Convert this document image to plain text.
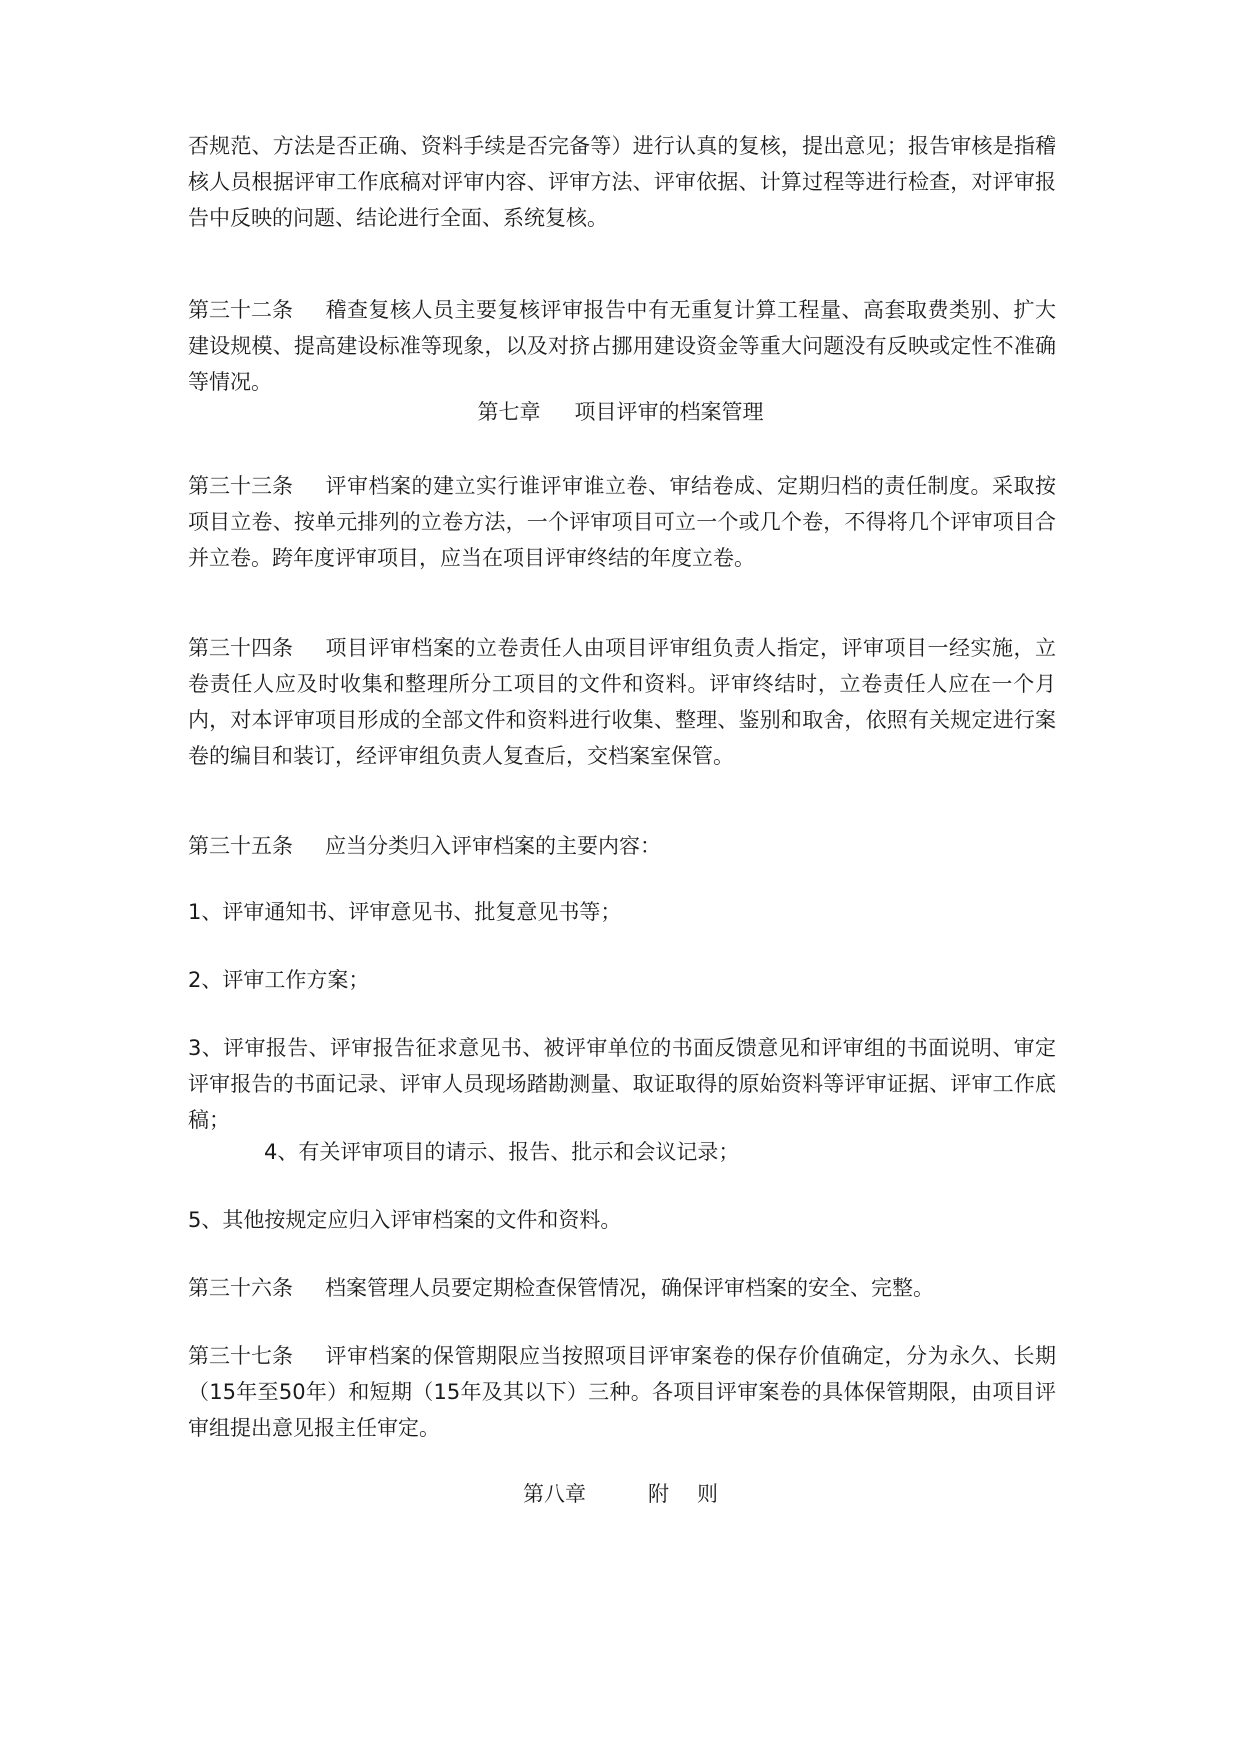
否规范、方法是否正确、资料手续是否完备等）进行认真的复核，提出意见；报告审核是指稽核人员根据评审工作底稿对评审内容、评审方法、评审依据、计算过程等进行检查，对评审报告中反映的问题、结论进行全面、系统复核。

第三十二条 稽查复核人员主要复核评审报告中有无重复计算工程量、高套取费类别、扩大建设规模、提高建设标准等现象，以及对挤占挪用建设资金等重大问题没有反映或定性不准确等情况。

第七章 项目评审的档案管理

第三十三条 评审档案的建立实行谁评审谁立卷、审结卷成、定期归档的责任制度。采取按项目立卷、按单元排列的立卷方法，一个评审项目可立一个或几个卷，不得将几个评审项目合并立卷。跨年度评审项目，应当在项目评审终结的年度立卷。

第三十四条 项目评审档案的立卷责任人由项目评审组负责人指定，评审项目一经实施，立卷责任人应及时收集和整理所分工项目的文件和资料。评审终结时，立卷责任人应在一个月内，对本评审项目形成的全部文件和资料进行收集、整理、鉴别和取舍，依照有关规定进行案卷的编目和装订，经评审组负责人复查后，交档案室保管。

第三十五条 应当分类归入评审档案的主要内容：

1、评审通知书、评审意见书、批复意见书等；

2、评审工作方案；

3、评审报告、评审报告征求意见书、被评审单位的书面反馈意见和评审组的书面说明、审定评审报告的书面记录、评审人员现场踏勘测量、取证取得的原始资料等评审证据、评审工作底稿；

4、有关评审项目的请示、报告、批示和会议记录；

5、其他按规定应归入评审档案的文件和资料。

第三十六条 档案管理人员要定期检查保管情况，确保评审档案的安全、完整。

第三十七条 评审档案的保管期限应当按照项目评审案卷的保存价值确定，分为永久、长期（15年至50年）和短期（15年及其以下）三种。各项目评审案卷的具体保管期限，由项目评审组提出意见报主任审定。

第八章	附 则
